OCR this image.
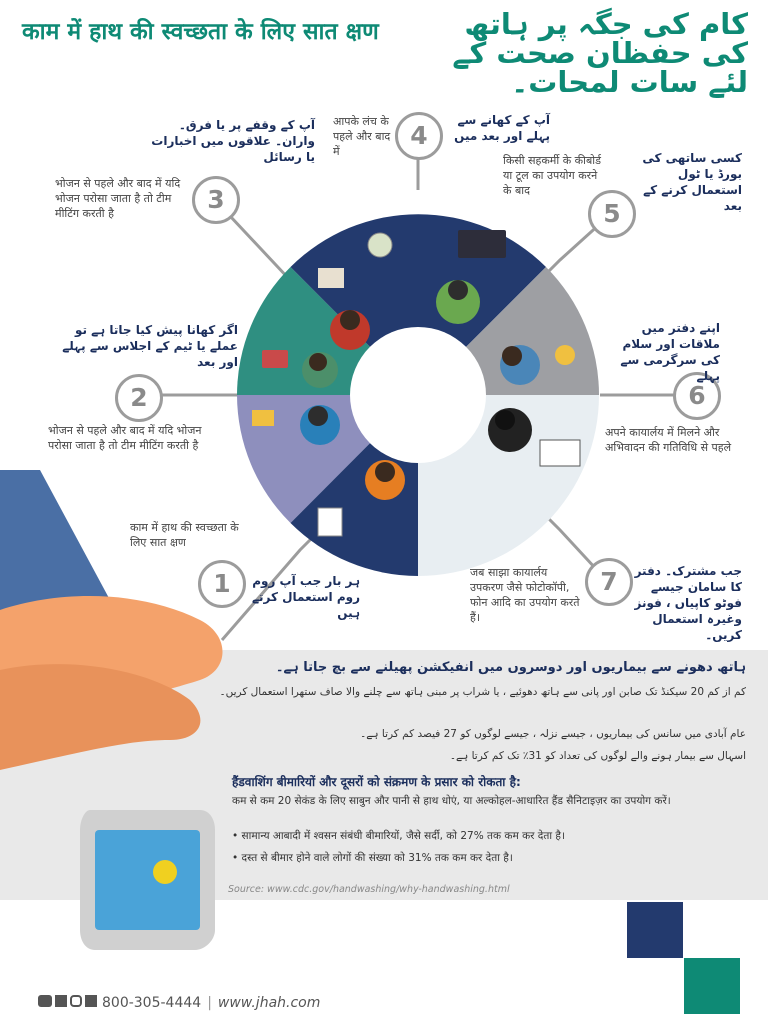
काम में हाथ की स्वच्छता के लिए सात क्षण	کام کی جگہ پر ہاتھ کی حفظان صحت کے لئے سات لمحات۔
1
2
3
4
5
6
7
ہر بار جب آپ روم روم استعمال کرتے ہیں
काम में हाथ की स्वच्छता के लिए सात क्षण
اگر کھانا پیش کیا جاتا ہے تو عملے یا ٹیم کے اجلاس سے پہلے اور بعد
भोजन से पहले और बाद में यदि भोजन परोसा जाता है तो टीम मीटिंग करती है
آپ کے وقفے پر یا فرق۔ واران۔ علاقوں میں اخبارات یا رسائل
भोजन से पहले और बाद में यदि भोजन परोसा जाता है तो टीम मीटिंग करती है
آپ کے کھانے سے پہلے اور بعد میں
आपके लंच के पहले और बाद में	کسی ساتھی کی بورڈ یا ٹول استعمال کرنے کے بعد
किसी सहकर्मी के कीबोर्ड या टूल का उपयोग करने के बाद
اپنے دفتر میں ملاقات اور سلام کی سرگرمی سے پہلے
अपने कायार्लय में मिलने और अभिवादन की गतिविधि से पहले
جب مشترک۔ دفتر کا سامان جیسے فوٹو کاپیاں ، فونز وغیرہ استعمال کریں۔
जब साझा कायार्लय उपकरण जैसे फोटोकॉपी, फोन आदि का उपयोग करते हैं।
ہاتھ دھونے سے بیماریوں اور دوسروں میں انفیکشن پھیلنے سے بچ جاتا ہے۔
کم از کم 20 سیکنڈ تک صابن اور پانی سے ہاتھ دھوئیے ، یا شراب پر مبنی ہاتھ سے چلنے والا صاف ستھرا استعمال کریں۔
عام آبادی میں سانس کی بیماریوں ، جیسے نزلہ ، جیسے لوگوں کو 27 فیصد کم کرتا ہے۔
اسہال سے بیمار ہونے والے لوگوں کی تعداد کو 31٪ تک کم کرتا ہے۔
हैंडवाशिंग बीमारियों और दूसरों को संक्रमण के प्रसार को रोकता है:
कम से कम 20 सेकंड के लिए साबुन और पानी से हाथ धोएं, या अल्कोहल-आधारित हैंड सैनिटाइज़र का उपयोग करें।
• सामान्य आबादी में श्वसन संबंधी बीमारियों, जैसे सर्दी, को 27% तक कम कर देता है।
• दस्त से बीमार होने वाले लोगों की संख्या को 31% तक कम कर देता है।
Source: www.cdc.gov/handwashing/why-handwashing.html
800-305-4444 | www.jhah.com
